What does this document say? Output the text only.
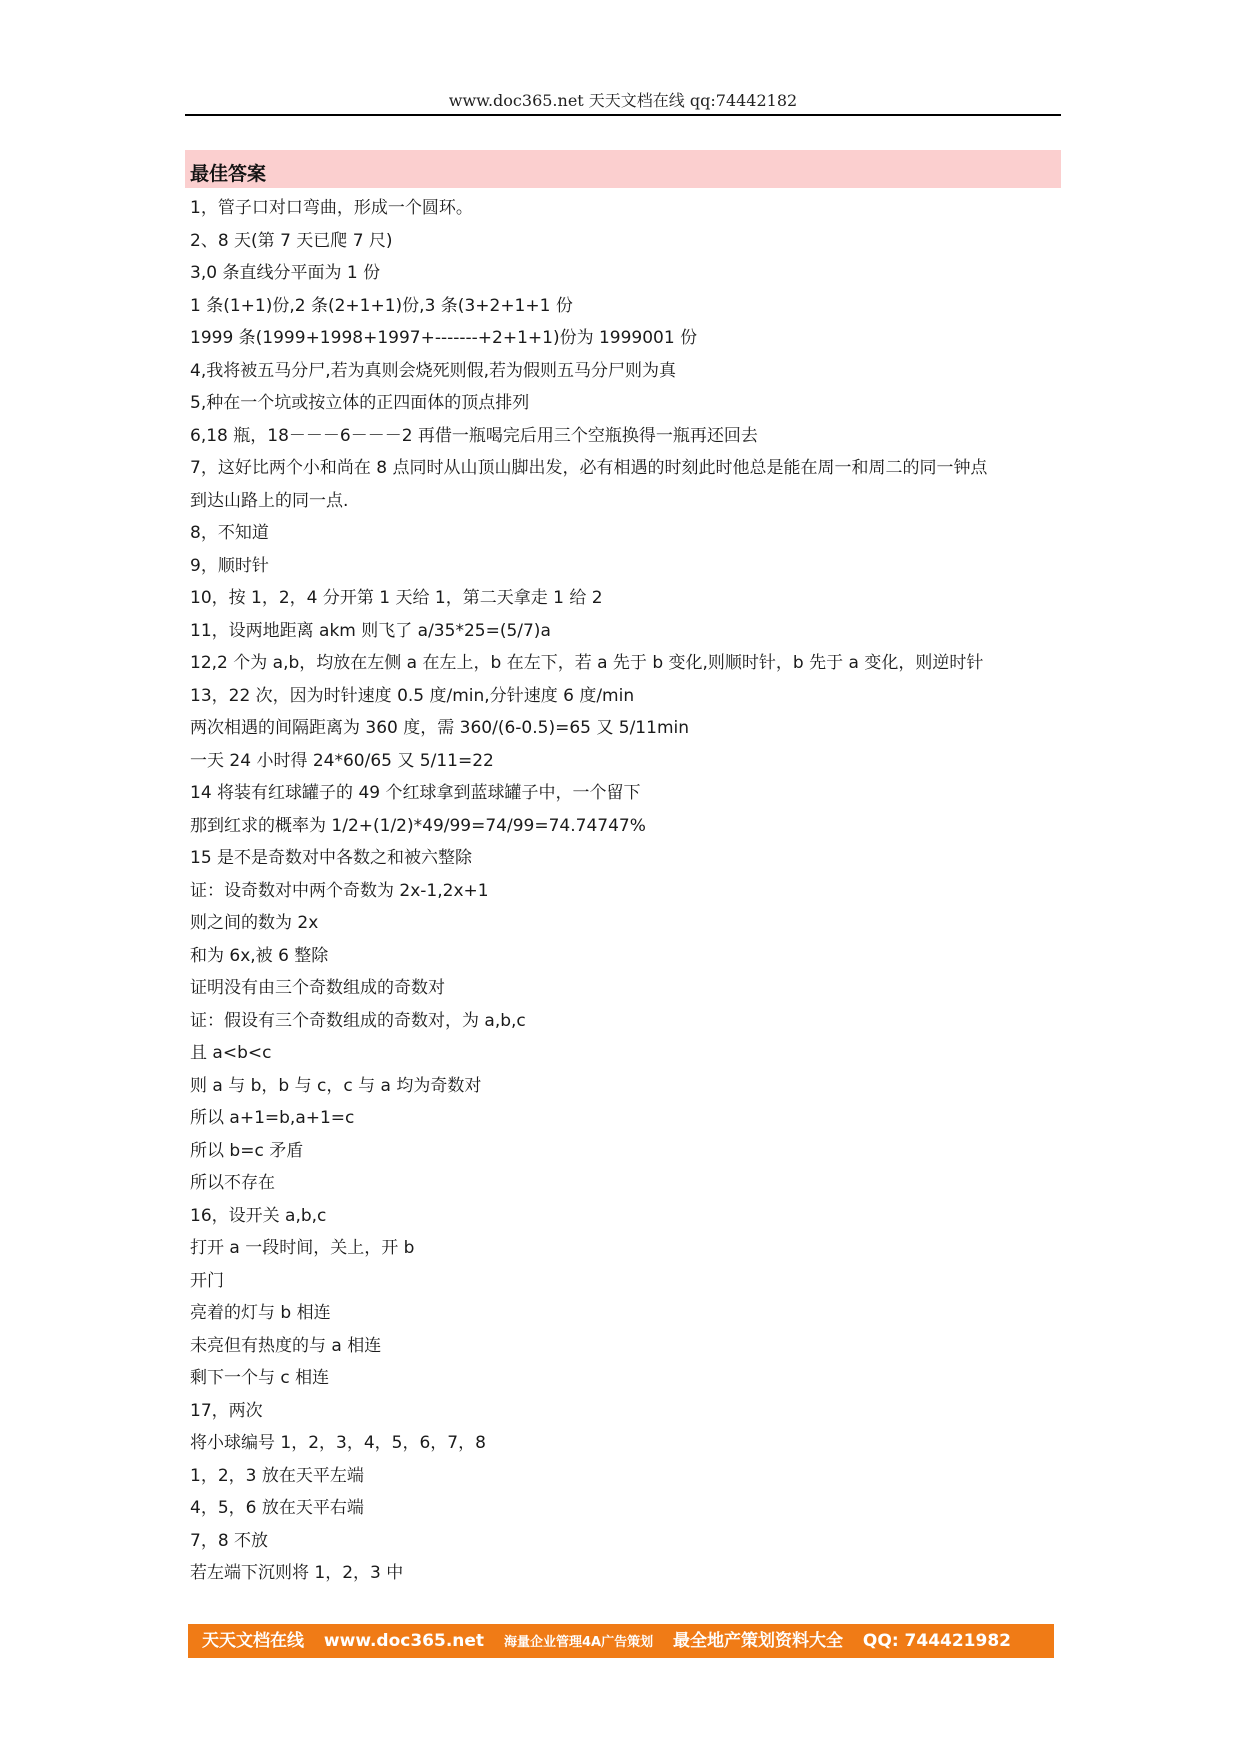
www.doc365.net 天天文档在线 qq:74442182
最佳答案
1，管子口对口弯曲，形成一个圆环。
2、8 天(第 7 天已爬 7 尺)
3,0 条直线分平面为 1 份
1 条(1+1)份,2 条(2+1+1)份,3 条(3+2+1+1 份
1999 条(1999+1998+1997+-------+2+1+1)份为 1999001 份
4,我将被五马分尸,若为真则会烧死则假,若为假则五马分尸则为真
5,种在一个坑或按立体的正四面体的顶点排列
6,18 瓶，18－－－6－－－2 再借一瓶喝完后用三个空瓶换得一瓶再还回去
7，这好比两个小和尚在 8 点同时从山顶山脚出发，必有相遇的时刻此时他总是能在周一和周二的同一钟点
到达山路上的同一点.
8，不知道
9，顺时针
10，按 1，2，4 分开第 1 天给 1，第二天拿走 1 给 2
11，设两地距离 akm 则飞了 a/35*25=(5/7)a
12,2 个为 a,b，均放在左侧 a 在左上，b 在左下，若 a 先于 b 变化,则顺时针，b 先于 a 变化，则逆时针
13，22 次，因为时针速度 0.5 度/min,分针速度 6 度/min
两次相遇的间隔距离为 360 度，需 360/(6-0.5)=65 又 5/11min
一天 24 小时得 24*60/65 又 5/11=22
14 将装有红球罐子的 49 个红球拿到蓝球罐子中，一个留下
那到红求的概率为 1/2+(1/2)*49/99=74/99=74.74747%
15 是不是奇数对中各数之和被六整除
证：设奇数对中两个奇数为 2x-1,2x+1
则之间的数为 2x
和为 6x,被 6 整除
证明没有由三个奇数组成的奇数对
证：假设有三个奇数组成的奇数对，为 a,b,c
且 a<b<c
则 a 与 b，b 与 c，c 与 a 均为奇数对
所以 a+1=b,a+1=c
所以 b=c 矛盾
所以不存在
16，设开关 a,b,c
打开 a 一段时间，关上，开 b
开门
亮着的灯与 b 相连
未亮但有热度的与 a 相连
剩下一个与 c 相连
17，两次
将小球编号 1，2，3，4，5，6，7，8
1，2，3 放在天平左端
4，5，6 放在天平右端
7，8 不放
若左端下沉则将 1，2，3 中
天天文档在线 www.doc365.net 海量企业管理4A广告策划 最全地产策划资料大全 QQ: 744421982
